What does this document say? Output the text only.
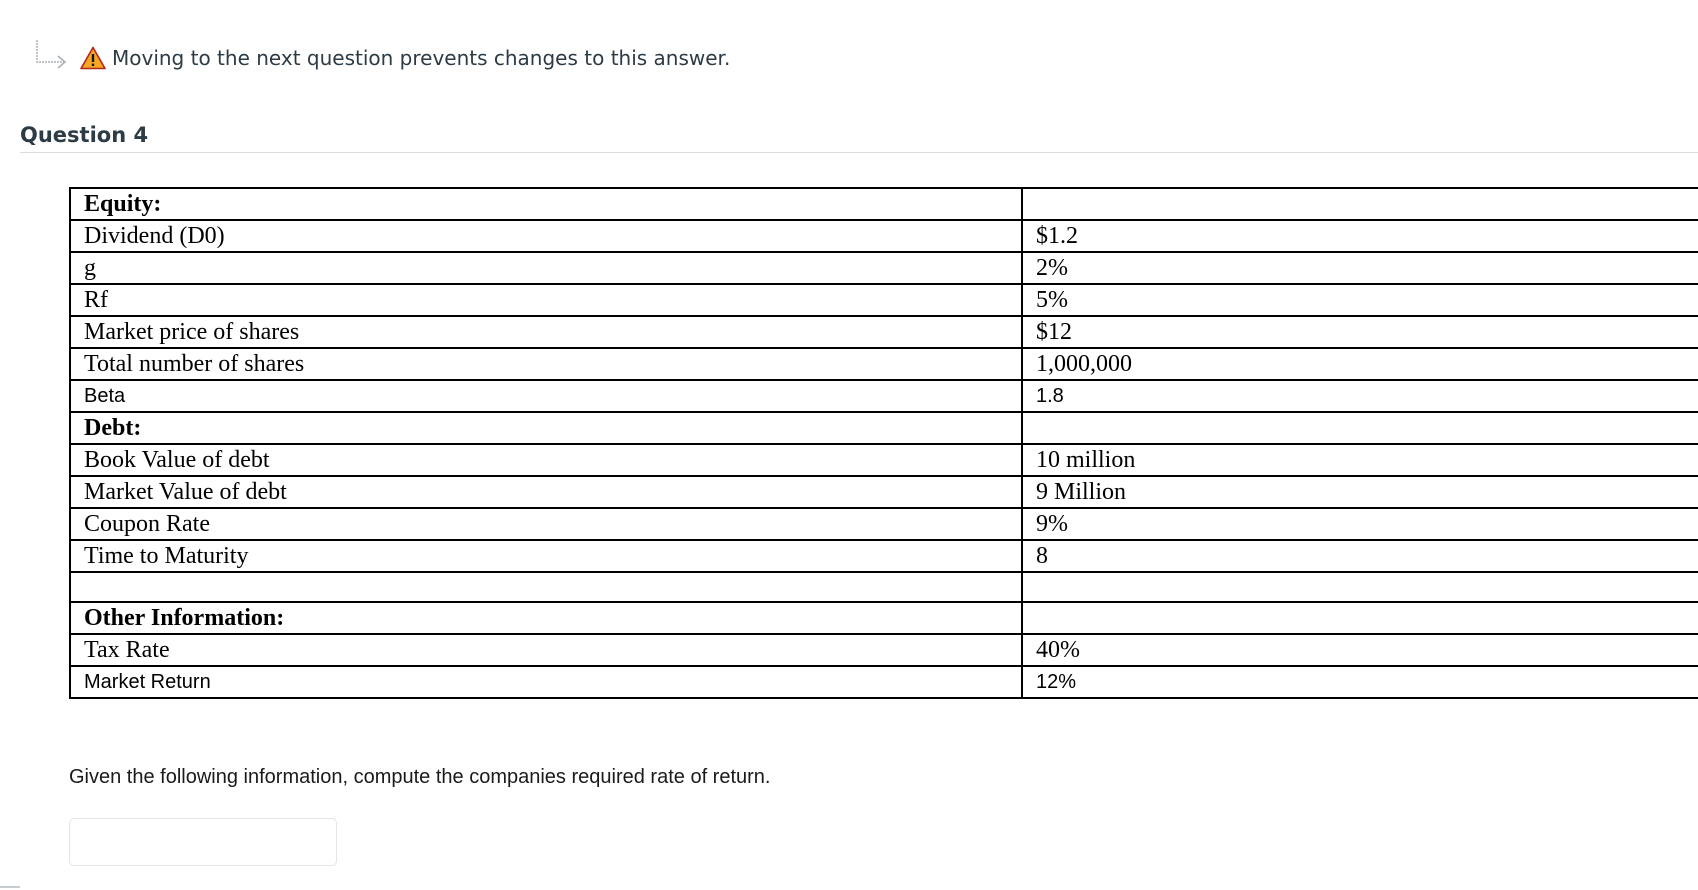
Moving to the next question prevents changes to this answer.
Question 4
Equity:	
Dividend (D0)	$1.2
g	2%
Rf	5%
Market price of shares	$12
Total number of shares	1,000,000
Beta	1.8
Debt:	
Book Value of debt	10 million
Market Value of debt	9 Million
Coupon Rate	9%
Time to Maturity	8

Other Information:	
Tax Rate	40%
Market Return	12%
Given the following information, compute the companies required rate of return.
